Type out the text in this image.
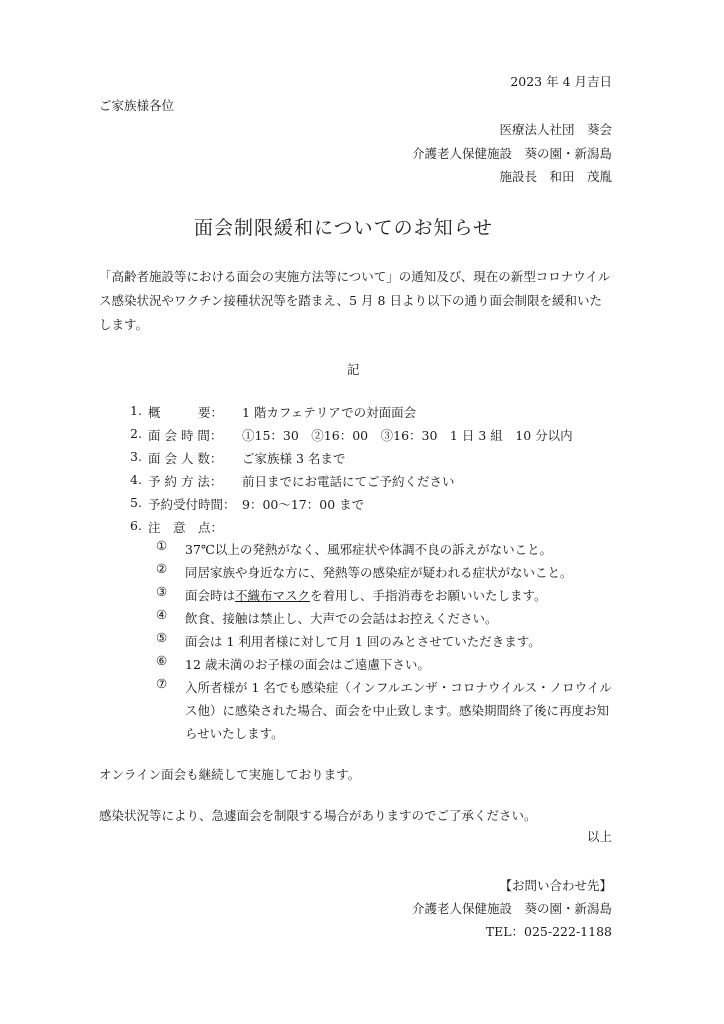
2023 年 4 月吉日
ご家族様各位
医療法人社団　葵会
介護老人保健施設　葵の園・新潟島
施設長　和田　茂胤
面会制限緩和についてのお知らせ
「高齢者施設等における面会の実施方法等について」の通知及び、現在の新型コロナウイルス感染状況やワクチン接種状況等を踏まえ、5 月 8 日より以下の通り面会制限を緩和いたします。
記
1. 概　　　要：	1 階カフェテリアでの対面面会
2. 面 会 時 間：	①15：30　②16：00　③16：30　1 日 3 組　10 分以内
3. 面 会 人 数：	ご家族様 3 名まで
4. 予 約 方 法：	前日までにお電話にてご予約ください
5. 予約受付時間： 9：00～17：00 まで
6. 注　意　点：
①	37℃以上の発熱がなく、風邪症状や体調不良の訴えがないこと。
②	同居家族や身近な方に、発熱等の感染症が疑われる症状がないこと。
③	面会時は不織布マスクを着用し、手指消毒をお願いいたします。
④	飲食、接触は禁止し、大声での会話はお控えください。
⑤	面会は 1 利用者様に対して月 1 回のみとさせていただきます。
⑥	12 歳未満のお子様の面会はご遠慮下さい。
⑦	入所者様が 1 名でも感染症（インフルエンザ・コロナウイルス・ノロウイルス他）に感染された場合、面会を中止致します。感染期間終了後に再度お知らせいたします。
オンライン面会も継続して実施しております。
感染状況等により、急遽面会を制限する場合がありますのでご了承ください。
以上
【お問い合わせ先】
介護老人保健施設　葵の園・新潟島
TEL：025-222-1188
